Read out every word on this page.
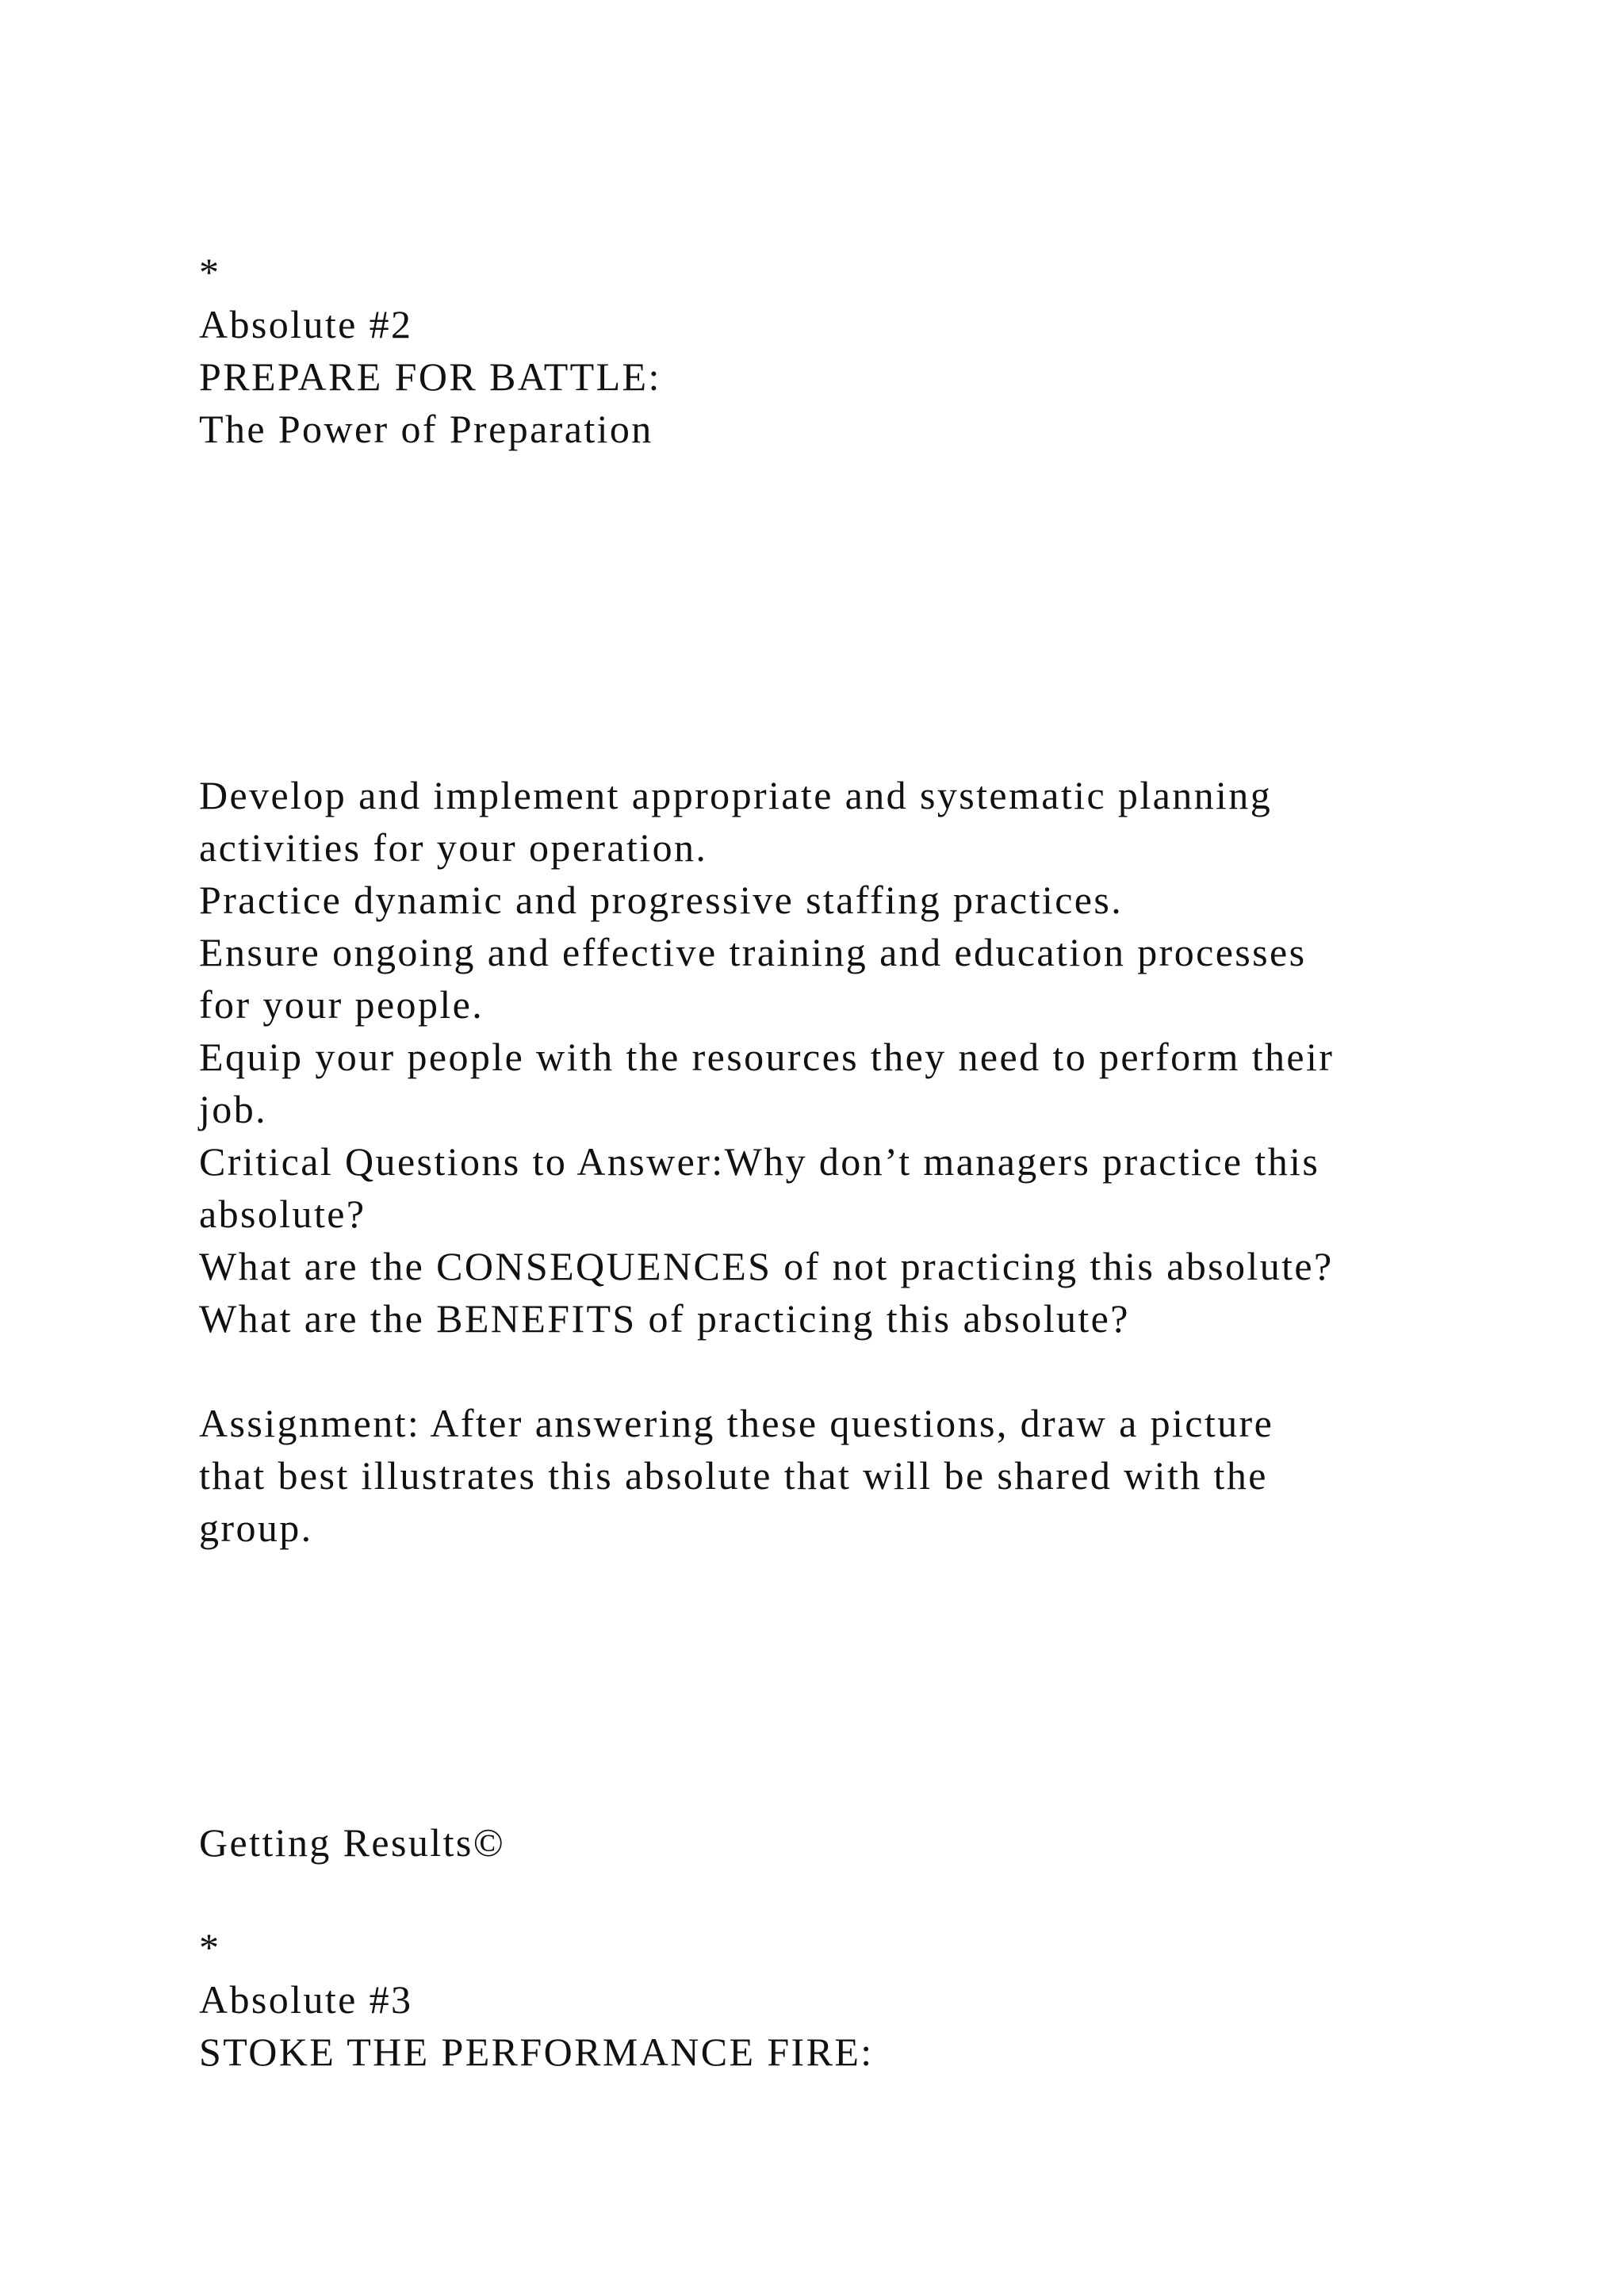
*

Absolute #2

PREPARE FOR BATTLE:

The Power of Preparation

Develop and implement appropriate and systematic planning

activities for your operation.

Practice dynamic and progressive staffing practices.

Ensure ongoing and effective training and education processes

for your people.

Equip your people with the resources they need to perform their

job.

Critical Questions to Answer:Why don’t managers practice this

absolute?

What are the CONSEQUENCES of not practicing this absolute?

What are the BENEFITS of practicing this absolute?

Assignment: After answering these questions, draw a picture

that best illustrates this absolute that will be shared with the

group.

Getting Results©

*

Absolute #3

STOKE THE PERFORMANCE FIRE:
